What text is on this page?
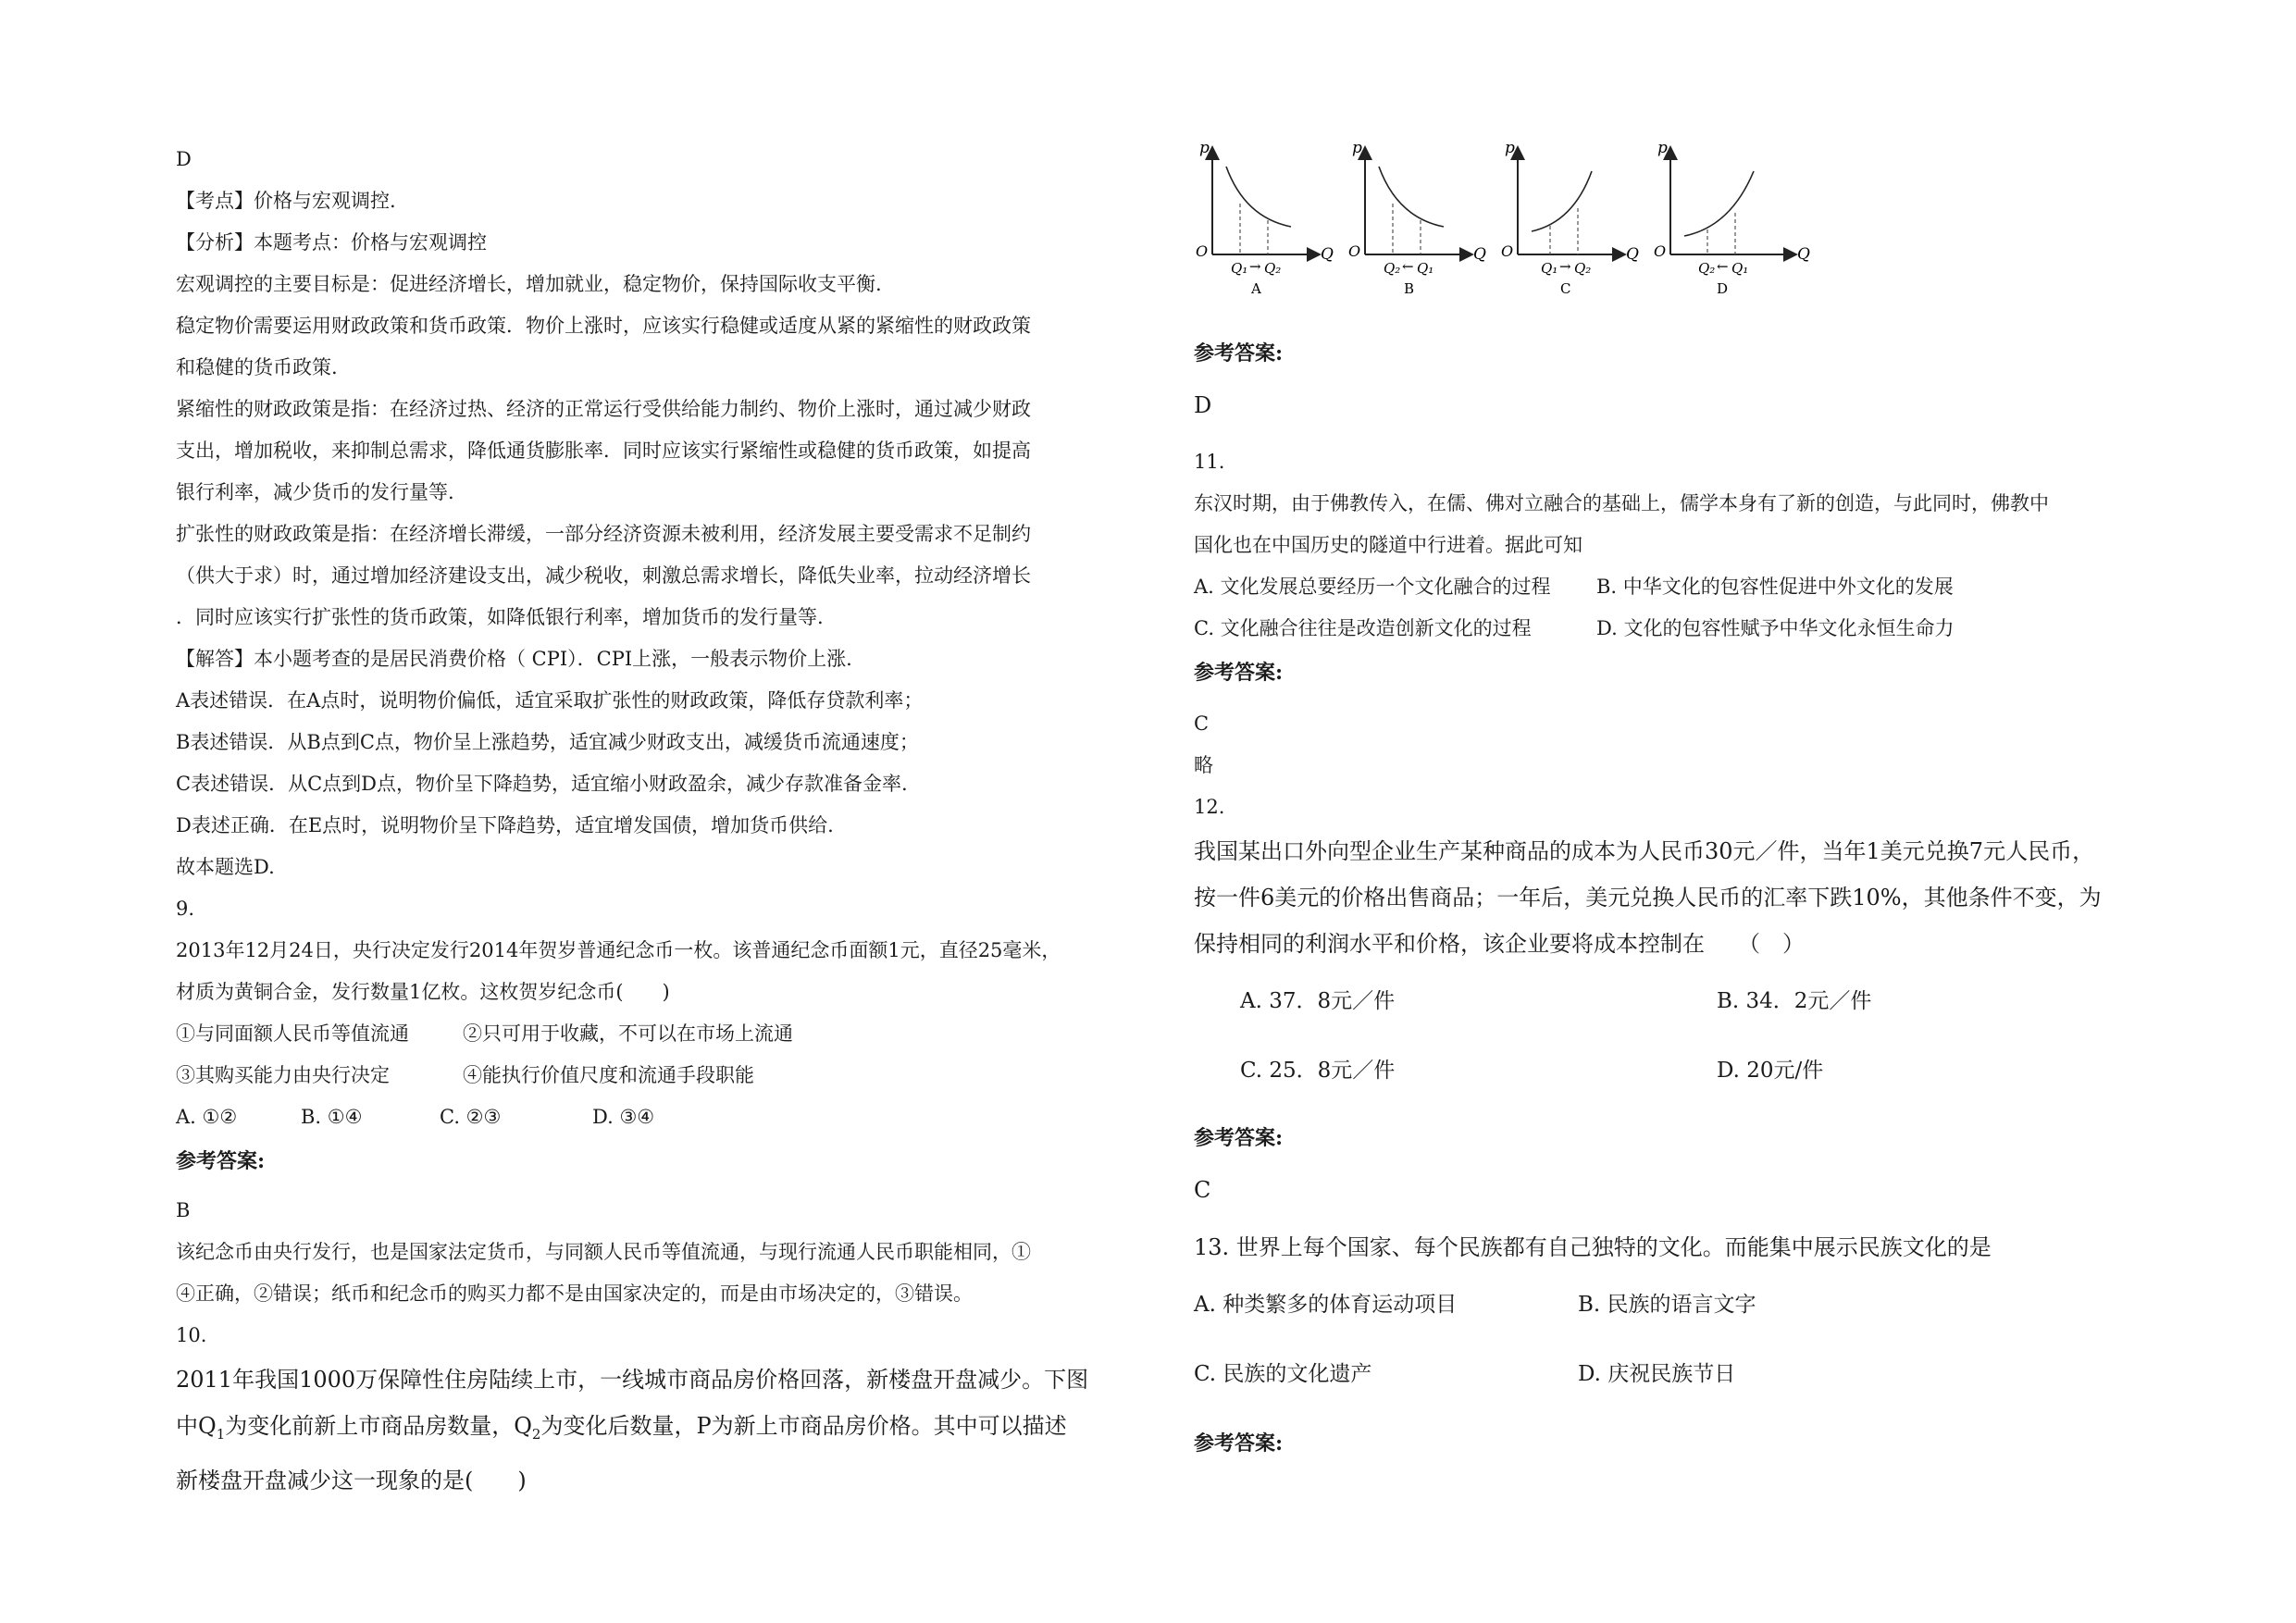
D
【考点】价格与宏观调控.
【分析】本题考点：价格与宏观调控
宏观调控的主要目标是：促进经济增长，增加就业，稳定物价，保持国际收支平衡.
稳定物价需要运用财政政策和货币政策．物价上涨时，应该实行稳健或适度从紧的紧缩性的财政政策
和稳健的货币政策.
紧缩性的财政政策是指：在经济过热、经济的正常运行受供给能力制约、物价上涨时，通过减少财政
支出，增加税收，来抑制总需求，降低通货膨胀率．同时应该实行紧缩性或稳健的货币政策，如提高
银行利率，减少货币的发行量等.
扩张性的财政政策是指：在经济增长滞缓，一部分经济资源未被利用，经济发展主要受需求不足制约
（供大于求）时，通过增加经济建设支出，减少税收，刺激总需求增长，降低失业率，拉动经济增长
．同时应该实行扩张性的货币政策，如降低银行利率，增加货币的发行量等.
【解答】本小题考查的是居民消费价格（ CPI）．CPI上涨，一般表示物价上涨.
A表述错误．在A点时，说明物价偏低，适宜采取扩张性的财政政策，降低存贷款利率；
B表述错误．从B点到C点，物价呈上涨趋势，适宜减少财政支出，减缓货币流通速度；
C表述错误．从C点到D点，物价呈下降趋势，适宜缩小财政盈余，减少存款准备金率.
D表述正确．在E点时，说明物价呈下降趋势，适宜增发国债，增加货币供给.
故本题选D.
9.
2013年12月24日，央行决定发行2014年贺岁普通纪念币一枚。该普通纪念币面额1元，直径25毫米，
材质为黄铜合金，发行数量1亿枚。这枚贺岁纪念币(　　)
①与同面额人民币等值流通	②只可用于收藏，不可以在市场上流通
③其购买能力由央行决定	④能执行价值尺度和流通手段职能
A. ①②	B. ①④	C. ②③	D. ③④
参考答案:
B
该纪念币由央行发行，也是国家法定货币，与同额人民币等值流通，与现行流通人民币职能相同，①
④正确，②错误；纸币和纪念币的购买力都不是由国家决定的，而是由市场决定的，③错误。
10.
2011年我国1000万保障性住房陆续上市，一线城市商品房价格回落，新楼盘开盘减少。下图
中$Q_1$为变化前新上市商品房数量，$Q_2$为变化后数量，P为新上市商品房价格。其中可以描述
新楼盘开盘减少这一现象的是(　　)
p
O	Q
Q₁ → Q₂
A
p
O	Q
Q₂ ← Q₁
B
p
O	Q
Q₁ → Q₂
C
p
O	Q
Q₂ ← Q₁
D
参考答案:
D
11.
东汉时期，由于佛教传入，在儒、佛对立融合的基础上，儒学本身有了新的创造，与此同时，佛教中
国化也在中国历史的隧道中行进着。据此可知
A. 文化发展总要经历一个文化融合的过程 B. 中华文化的包容性促进中外文化的发展
C. 文化融合往往是改造创新文化的过程	D. 文化的包容性赋予中华文化永恒生命力
参考答案:
C
略
12.
我国某出口外向型企业生产某种商品的成本为人民币30元／件，当年1美元兑换7元人民币，
按一件6美元的价格出售商品；一年后，美元兑换人民币的汇率下跌10%，其他条件不变，为
保持相同的利润水平和价格，该企业要将成本控制在　　（　）
A. 37．8元／件	B. 34．2元／件
C. 25．8元／件	D. 20元/件
参考答案:
C
13. 世界上每个国家、每个民族都有自己独特的文化。而能集中展示民族文化的是
A. 种类繁多的体育运动项目	B. 民族的语言文字
C. 民族的文化遗产	D. 庆祝民族节日
参考答案:
